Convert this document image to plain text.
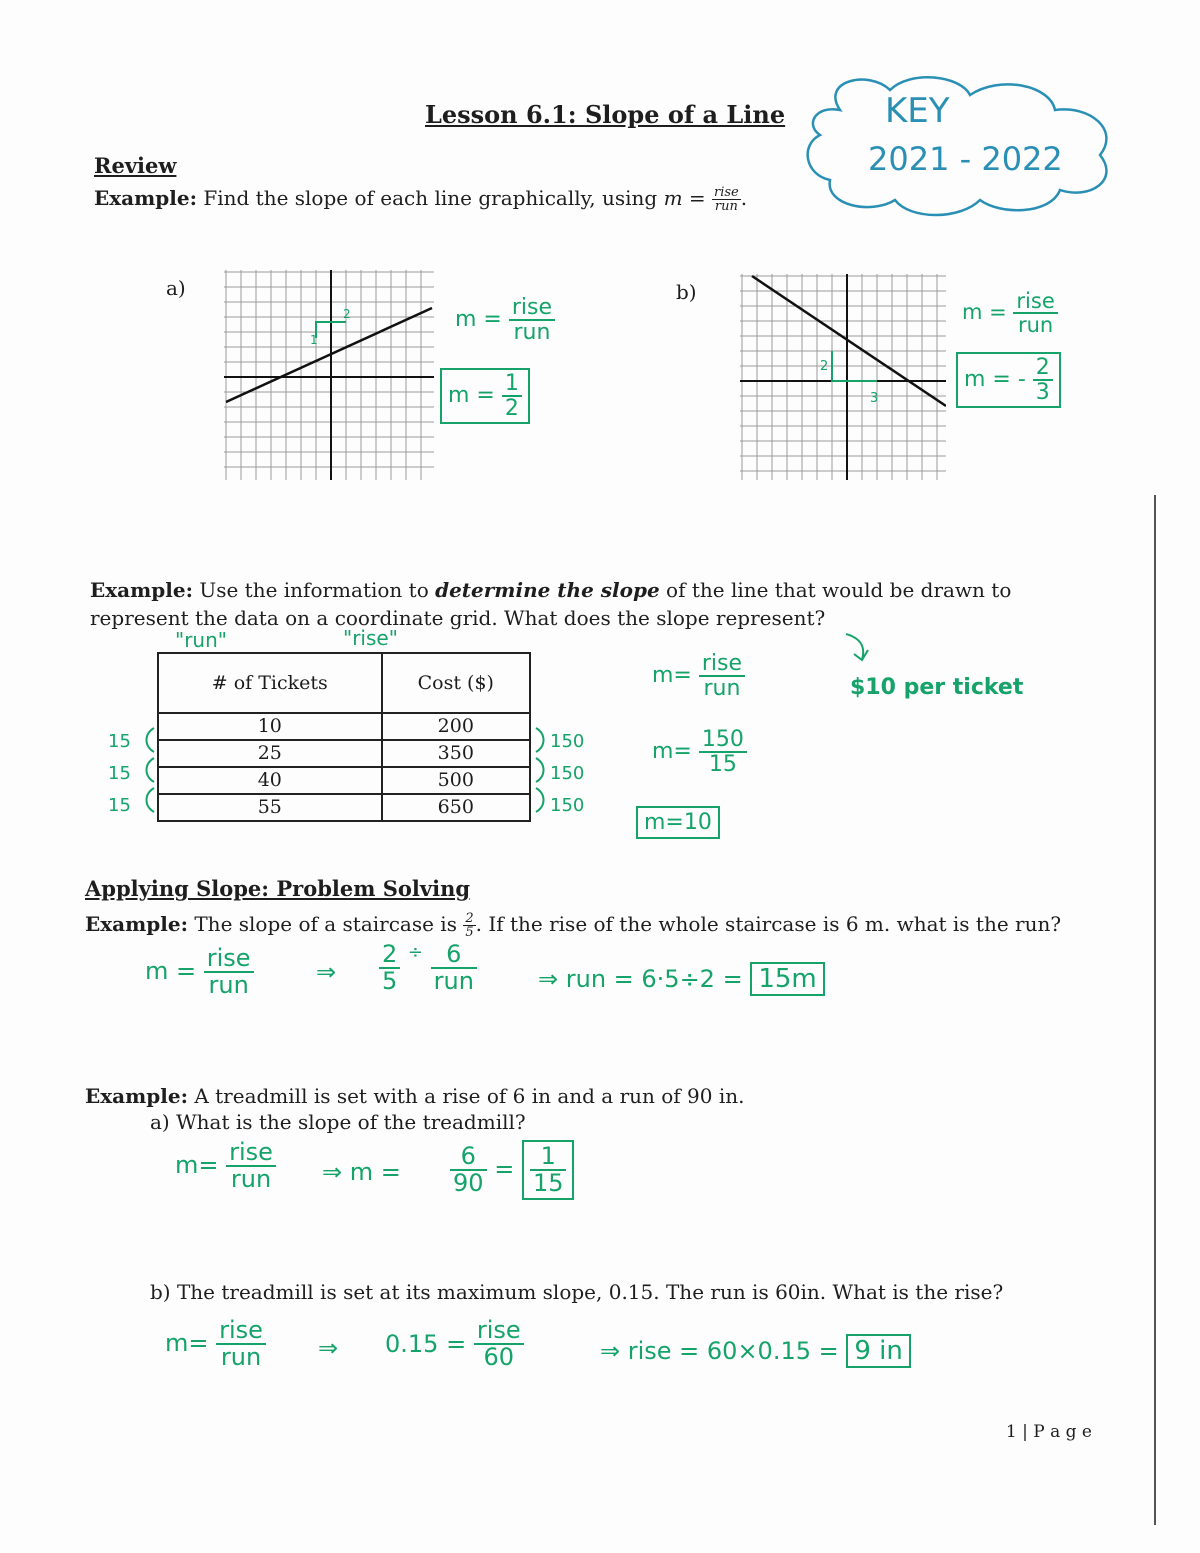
Lesson 6.1: Slope of a Line	KEY
2021 - 2022
Review
Example: Find the slope of each line graphically, using $m = \frac{\text{rise}}{\text{run}}$ .
a)
1
2	$m = \frac{\text{rise}}{\text{run}}$
$m = \frac{1}{2}$
b)
2
3
$m = \frac{\text{rise}}{\text{run}}$
m = - $\frac{2}{3}$
Example: Use the information to determine the slope of the line that would be drawn to
represent the data on a coordinate grid. What does the slope represent?
"run"	"rise"
# of Tickets	Cost ($)
10	200
25	350
40	500
55	650
15
15
15
150
150
150
$m= \frac{\text{rise}}{\text{run}}$	$10 per ticket
$m= \frac{150}{15}$
m=10
Applying Slope: Problem Solving
Example: The slope of a staircase is $\frac{2}{5}$ . If the rise of the whole staircase is 6 m. what is the run?
$m = \frac{\text{rise}}{\text{run}}$	⇒ $\frac{2}{5} ^\div \frac{6}{\text{run}}$	⇒ run = 6·5÷2 = 15m
Example: A treadmill is set with a rise of 6 in and a run of 90 in.
a) What is the slope of the treadmill?
$m= \frac{\text{rise}}{\text{run}}$ ⇒ $m = \frac{6}{90} = \frac{1}{15}$
b) The treadmill is set at its maximum slope, 0.15. The run is 60in. What is the rise?
$m= \frac{\text{rise}}{\text{run}}$ ⇒ $0.15 = \frac{\text{rise}}{60}$	⇒ rise = 60×0.15 = 9 in
1 | P a g e
